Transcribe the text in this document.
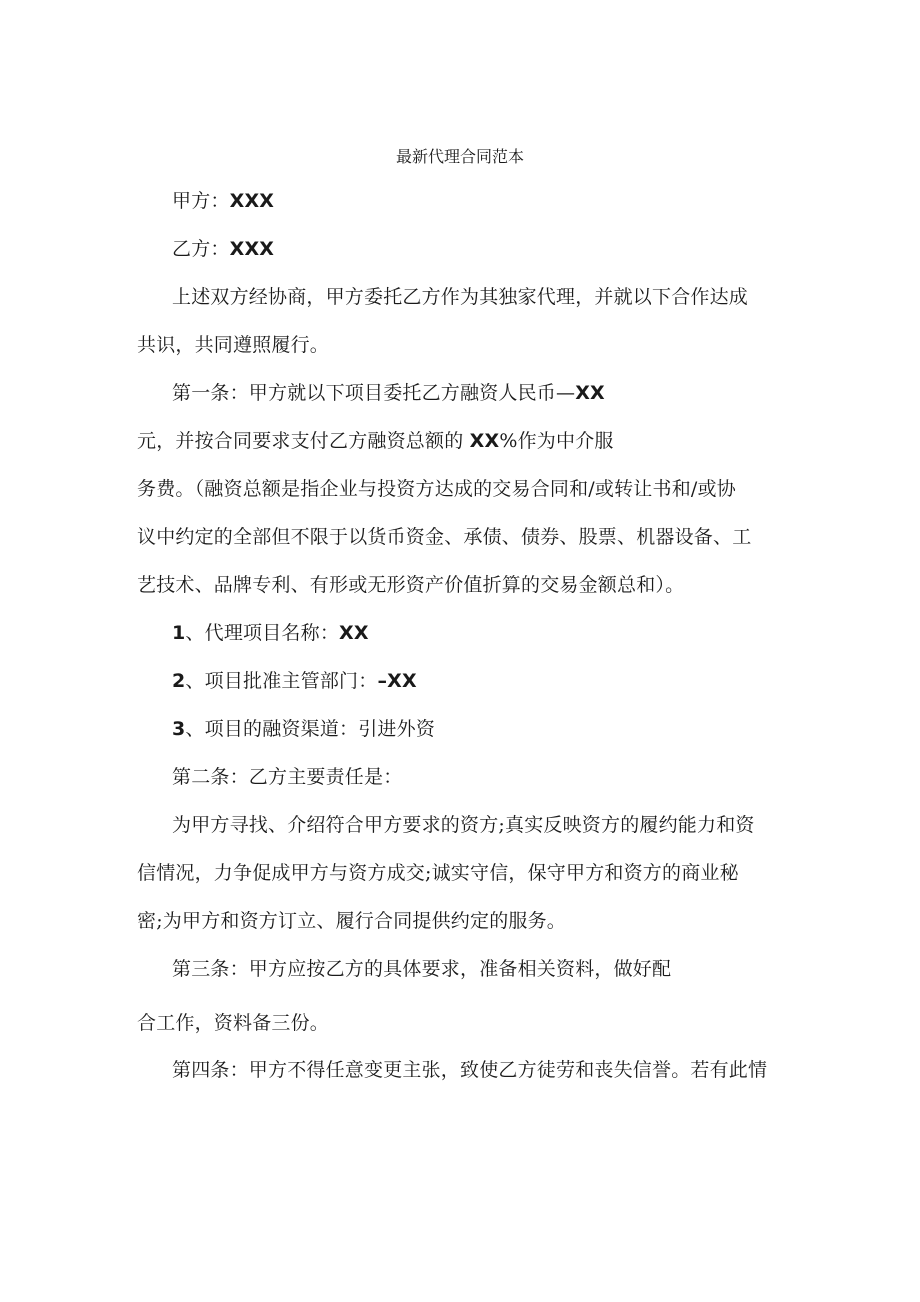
最新代理合同范本
甲方：XXX
乙方：XXX
上述双方经协商，甲方委托乙方作为其独家代理，并就以下合作达成
共识，共同遵照履行。
第一条：甲方就以下项目委托乙方融资人民币—XX
元，并按合同要求支付乙方融资总额的 XX%作为中介服
务费。（融资总额是指企业与投资方达成的交易合同和/或转让书和/或协
议中约定的全部但不限于以货币资金、承债、债券、股票、机器设备、工
艺技术、品牌专利、有形或无形资产价值折算的交易金额总和）。
1、代理项目名称：XX
2、项目批准主管部门：–XX
3、项目的融资渠道：引进外资
第二条：乙方主要责任是：
为甲方寻找、介绍符合甲方要求的资方;真实反映资方的履约能力和资
信情况，力争促成甲方与资方成交;诚实守信，保守甲方和资方的商业秘
密;为甲方和资方订立、履行合同提供约定的服务。
第三条：甲方应按乙方的具体要求，准备相关资料，做好配
合工作，资料备三份。
第四条：甲方不得任意变更主张，致使乙方徒劳和丧失信誉。若有此情
